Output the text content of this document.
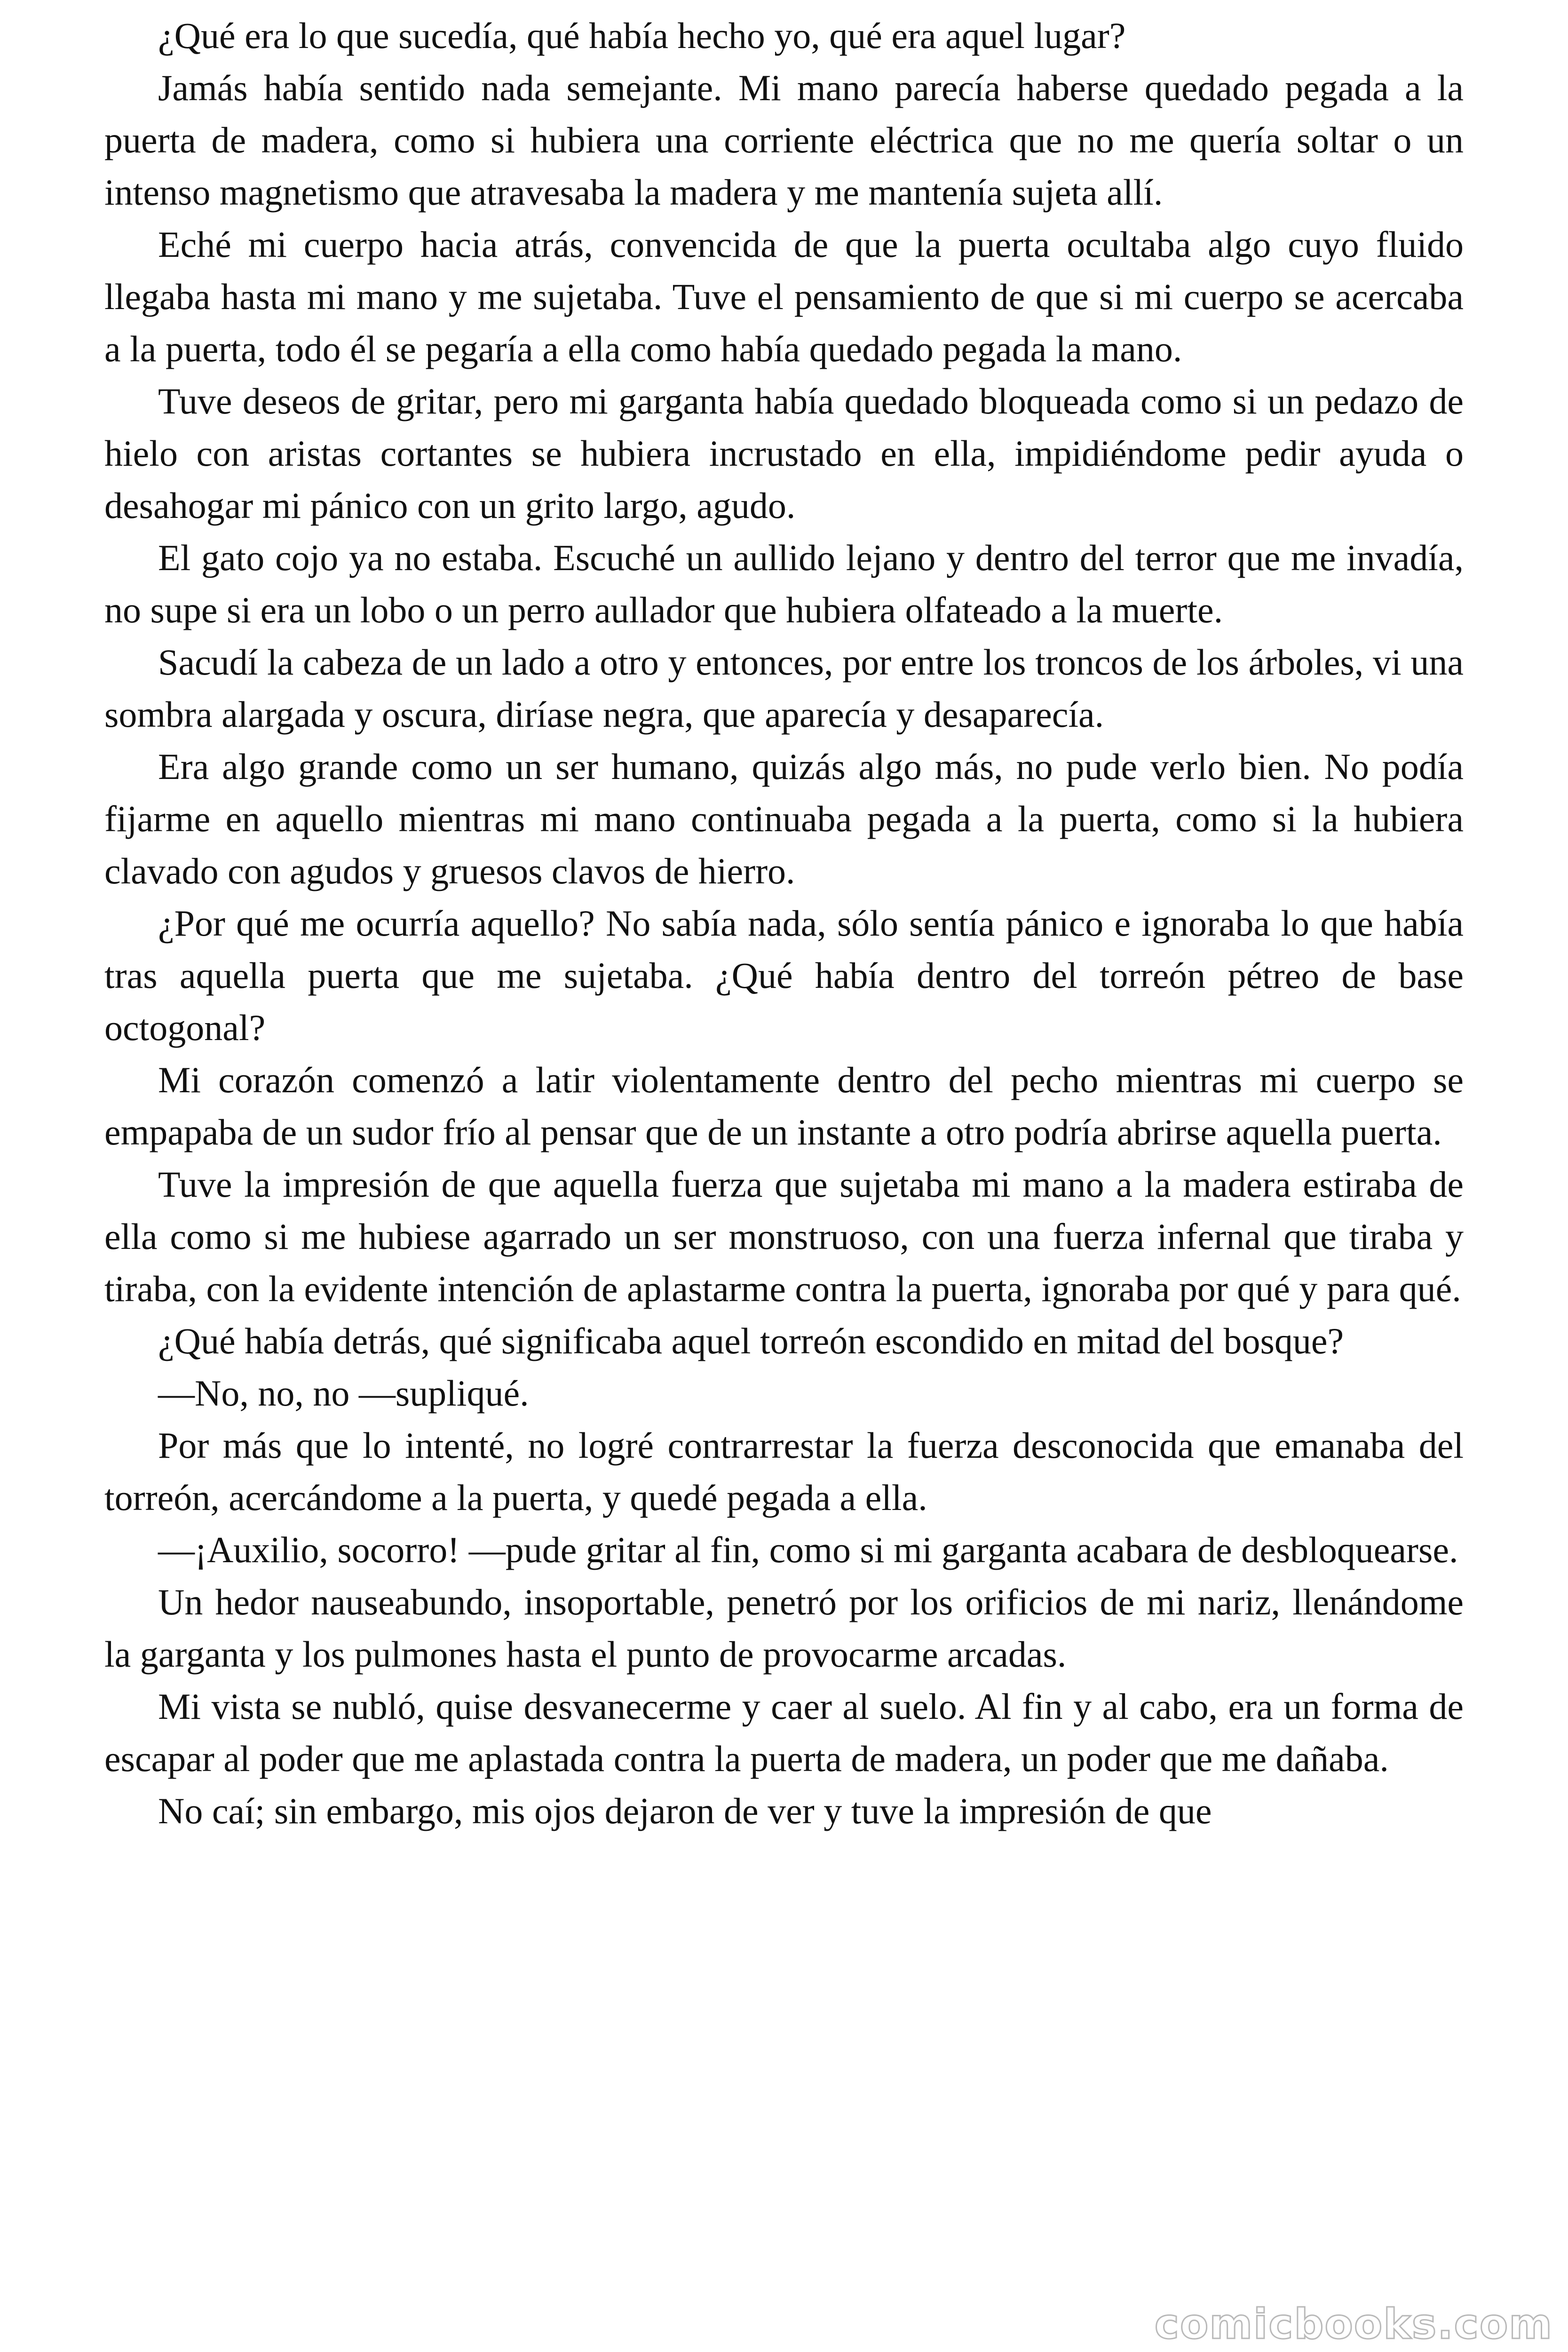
¿Qué era lo que sucedía, qué había hecho yo, qué era aquel lugar?

Jamás había sentido nada semejante. Mi mano parecía haberse quedado pegada a la puerta de madera, como si hubiera una corriente eléctrica que no me quería soltar o un intenso magnetismo que atravesaba la madera y me mantenía sujeta allí.

Eché mi cuerpo hacia atrás, convencida de que la puerta ocultaba algo cuyo fluido llegaba hasta mi mano y me sujetaba. Tuve el pensamiento de que si mi cuerpo se acercaba a la puerta, todo él se pegaría a ella como había quedado pegada la mano.

Tuve deseos de gritar, pero mi garganta había quedado bloqueada como si un pedazo de hielo con aristas cortantes se hubiera incrustado en ella, impidiéndome pedir ayuda o desahogar mi pánico con un grito largo, agudo.

El gato cojo ya no estaba. Escuché un aullido lejano y dentro del terror que me invadía, no supe si era un lobo o un perro aullador que hubiera olfateado a la muerte.

Sacudí la cabeza de un lado a otro y entonces, por entre los troncos de los árboles, vi una sombra alargada y oscura, diríase negra, que aparecía y desaparecía.

Era algo grande como un ser humano, quizás algo más, no pude verlo bien. No podía fijarme en aquello mientras mi mano continuaba pegada a la puerta, como si la hubiera clavado con agudos y gruesos clavos de hierro.

¿Por qué me ocurría aquello? No sabía nada, sólo sentía pánico e ignoraba lo que había tras aquella puerta que me sujetaba. ¿Qué había dentro del torreón pétreo de base octogonal?

Mi corazón comenzó a latir violentamente dentro del pecho mientras mi cuerpo se empapaba de un sudor frío al pensar que de un instante a otro podría abrirse aquella puerta.

Tuve la impresión de que aquella fuerza que sujetaba mi mano a la madera estiraba de ella como si me hubiese agarrado un ser monstruoso, con una fuerza infernal que tiraba y tiraba, con la evidente intención de aplastarme contra la puerta, ignoraba por qué y para qué.

¿Qué había detrás, qué significaba aquel torreón escondido en mitad del bosque?

—No, no, no —supliqué.

Por más que lo intenté, no logré contrarrestar la fuerza desconocida que emanaba del torreón, acercándome a la puerta, y quedé pegada a ella.

—¡Auxilio, socorro! —pude gritar al fin, como si mi garganta acabara de desbloquearse.

Un hedor nauseabundo, insoportable, penetró por los orificios de mi nariz, llenándome la garganta y los pulmones hasta el punto de provocarme arcadas.

Mi vista se nubló, quise desvanecerme y caer al suelo. Al fin y al cabo, era un forma de escapar al poder que me aplastada contra la puerta de madera, un poder que me dañaba.

No caí; sin embargo, mis ojos dejaron de ver y tuve la impresión de que

comicbooks.com
